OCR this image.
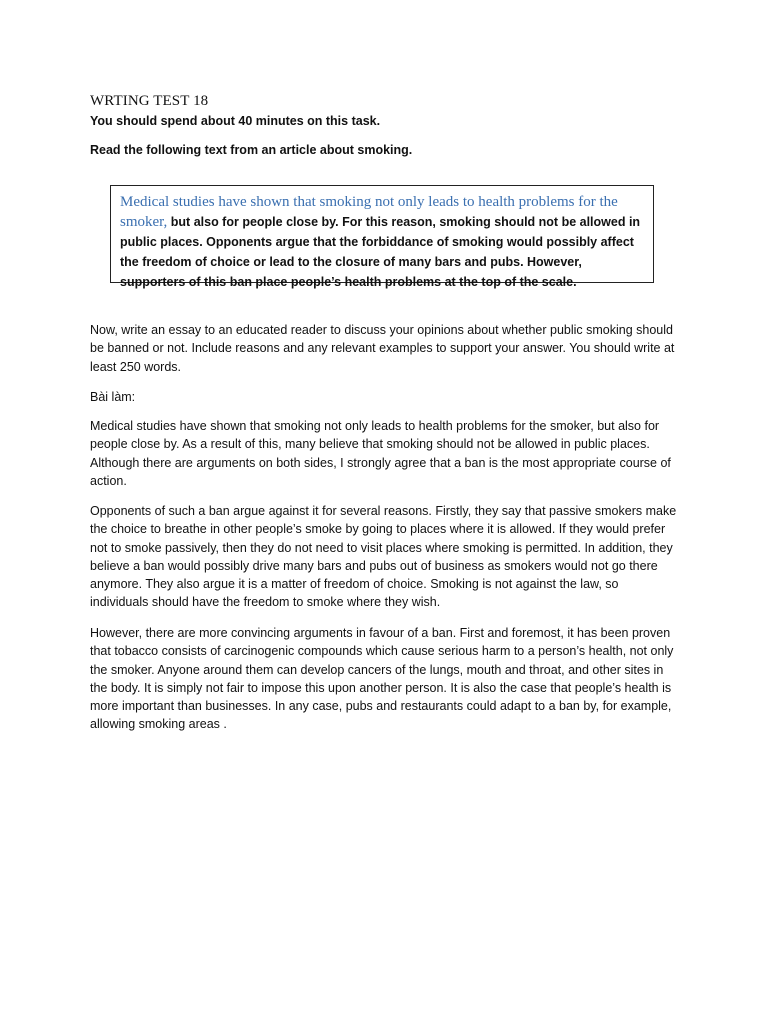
WRTING TEST 18

You should spend about 40 minutes on this task.

Read the following text from an article about smoking.

Medical studies have shown that smoking not only leads to health problems for the smoker, but also for people close by. For this reason, smoking should not be allowed in public places. Opponents argue that the forbiddance of smoking would possibly affect the freedom of choice or lead to the closure of many bars and pubs. However, supporters of this ban place people’s health problems at the top of the scale.

Now, write an essay to an educated reader to discuss your opinions about whether public smoking should be banned or not. Include reasons and any relevant examples to support your answer. You should write at least 250 words.

Bài làm:

Medical studies have shown that smoking not only leads to health problems for the smoker, but also for people close by. As a result of this, many believe that smoking should not be allowed in public places. Although there are arguments on both sides, I strongly agree that a ban is the most appropriate course of action.

Opponents of such a ban argue against it for several reasons. Firstly, they say that passive smokers make the choice to breathe in other people’s smoke by going to places where it is allowed. If they would prefer not to smoke passively, then they do not need to visit places where smoking is permitted. In addition, they believe a ban would possibly drive many bars and pubs out of business as smokers would not go there anymore. They also argue it is a matter of freedom of choice. Smoking is not against the law, so individuals should have the freedom to smoke where they wish.

However, there are more convincing arguments in favour of a ban. First and foremost, it has been proven that tobacco consists of carcinogenic compounds which cause serious harm to a person’s health, not only the smoker. Anyone around them can develop cancers of the lungs, mouth and throat, and other sites in the body. It is simply not fair to impose this upon another person. It is also the case that people’s health is more important than businesses. In any case, pubs and restaurants could adapt to a ban by, for example, allowing smoking areas .
